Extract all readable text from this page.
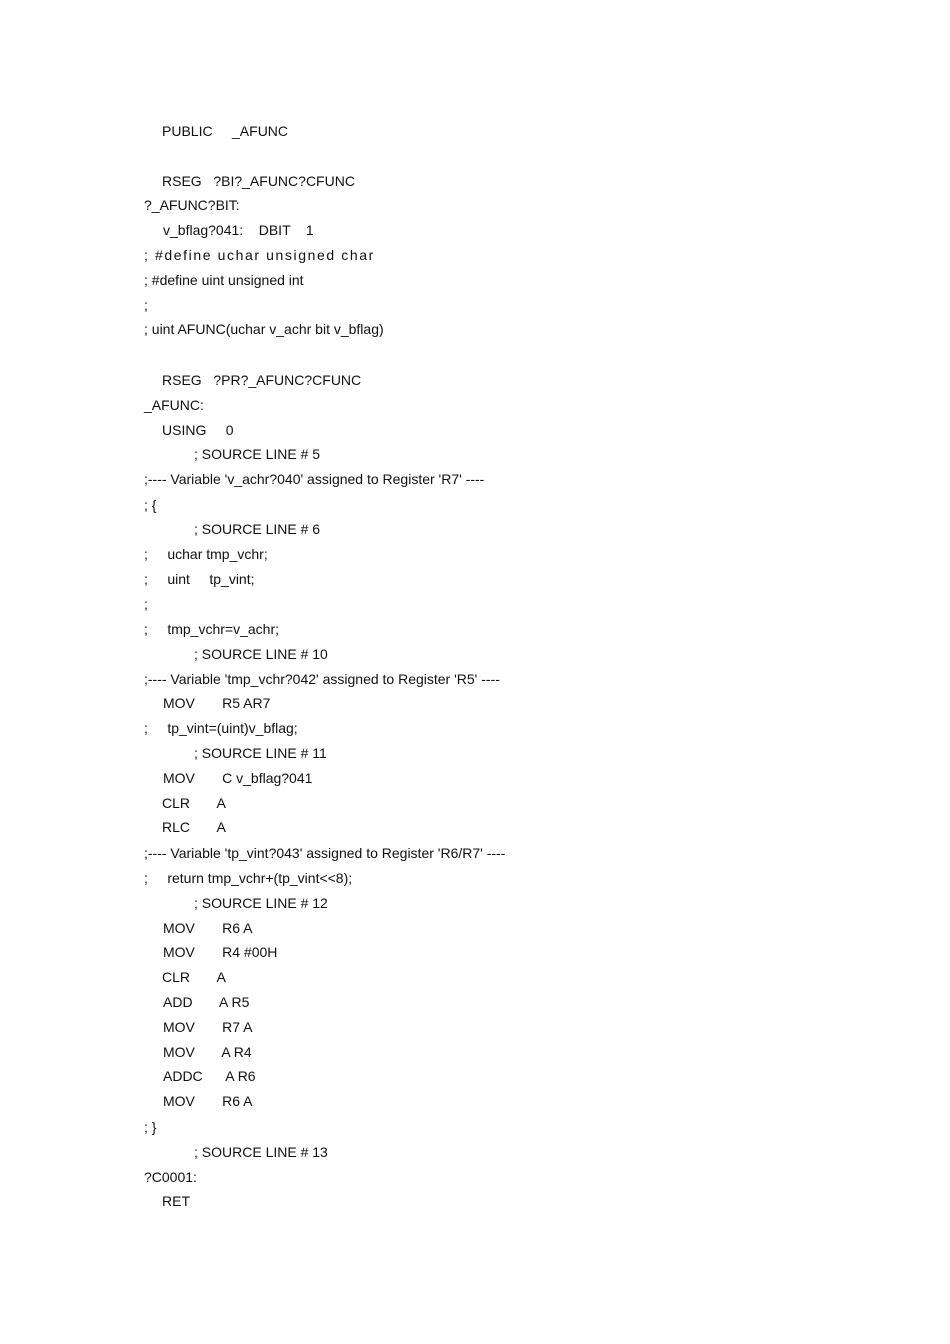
PUBLIC     _AFUNC

RSEG   ?BI?_AFUNC?CFUNC

?_AFUNC?BIT:

v_bflag?041:    DBIT    1

; #define uchar unsigned char

; #define uint unsigned int

;

; uint AFUNC(uchar v_achr bit v_bflag)

RSEG   ?PR?_AFUNC?CFUNC

_AFUNC:

USING     0

; SOURCE LINE # 5

;---- Variable 'v_achr?040' assigned to Register 'R7' ----

; {

; SOURCE LINE # 6

;     uchar tmp_vchr;

;     uint     tp_vint;

;

;     tmp_vchr=v_achr;

; SOURCE LINE # 10

;---- Variable 'tmp_vchr?042' assigned to Register 'R5' ----

MOV       R5 AR7

;     tp_vint=(uint)v_bflag;

; SOURCE LINE # 11

MOV       C v_bflag?041

CLR       A

RLC       A

;---- Variable 'tp_vint?043' assigned to Register 'R6/R7' ----

;     return tmp_vchr+(tp_vint<<8);

; SOURCE LINE # 12

MOV       R6 A

MOV       R4 #00H

CLR       A

ADD       A R5

MOV       R7 A

MOV       A R4

ADDC      A R6

MOV       R6 A

; }

; SOURCE LINE # 13

?C0001:

RET
